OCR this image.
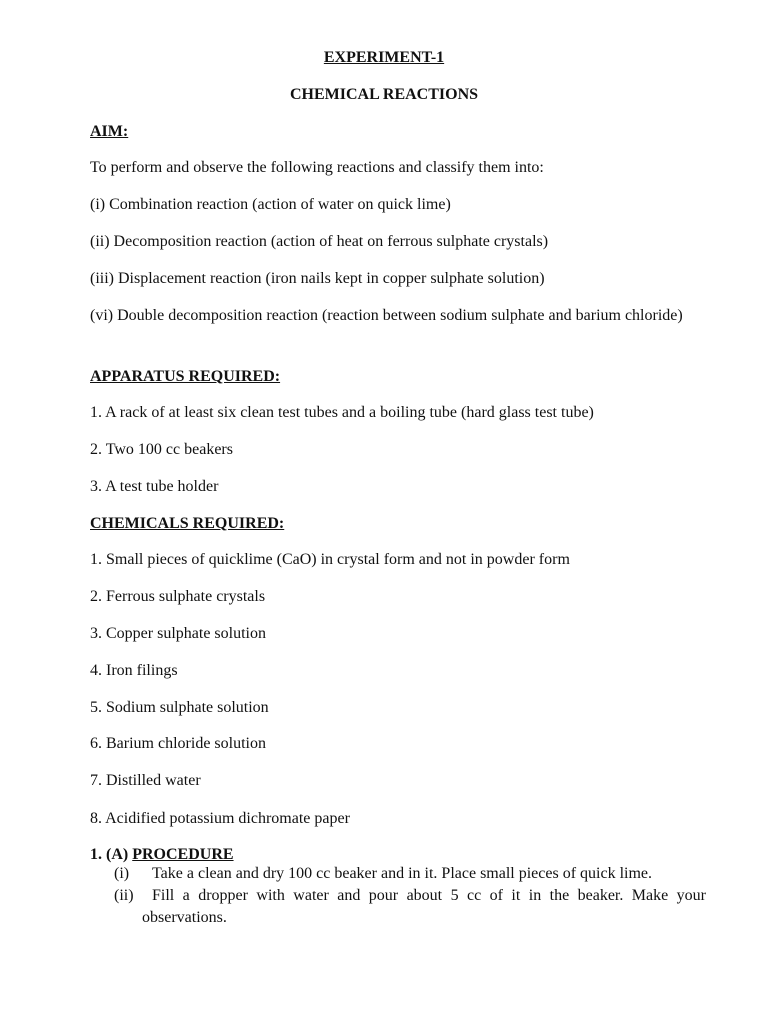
EXPERIMENT-1
CHEMICAL REACTIONS
AIM:
To perform and observe the following reactions and classify them into:
(i) Combination reaction (action of water on quick lime)
(ii) Decomposition reaction (action of heat on ferrous sulphate crystals)
(iii) Displacement reaction (iron nails kept in copper sulphate solution)
(vi) Double decomposition reaction (reaction between sodium sulphate and barium chloride)
APPARATUS REQUIRED:
1. A rack of at least six clean test tubes and a boiling tube (hard glass test tube)
2. Two 100 cc beakers
3. A test tube holder
CHEMICALS REQUIRED:
1. Small pieces of quicklime (CaO) in crystal form and not in powder form
2. Ferrous sulphate crystals
3. Copper sulphate solution
4. Iron filings
5. Sodium sulphate solution
6. Barium chloride solution
7. Distilled water
8. Acidified potassium dichromate paper
1. (A) PROCEDURE
(i)	Take a clean and dry 100 cc beaker and in it. Place small pieces of quick lime.
(ii)	Fill a dropper with water and pour about 5 cc of it in the beaker. Make your observations.
